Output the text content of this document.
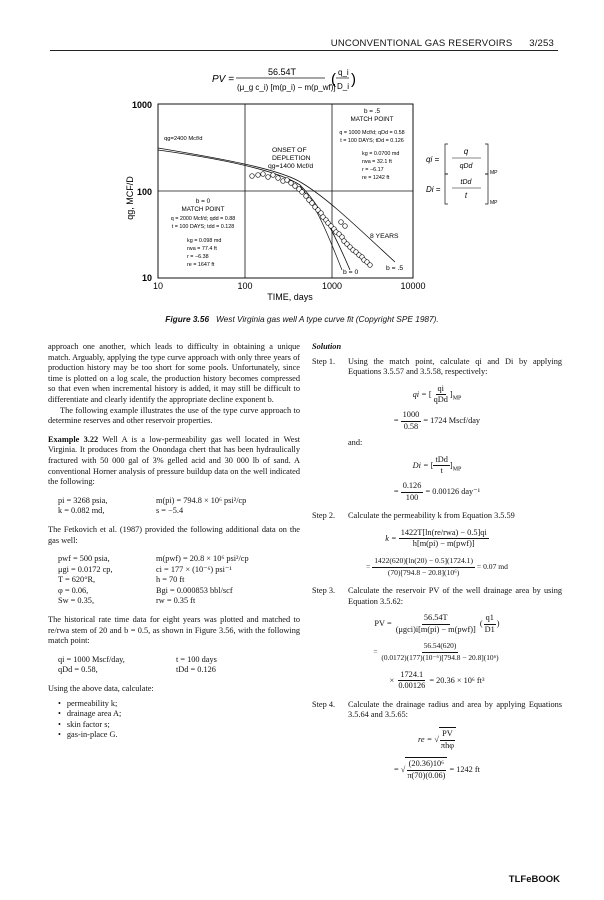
UNCONVENTIONAL GAS RESERVOIRS 3/253
PV =
56.54T
(μ_g c_i) [m(p_i) − m(p_wf)]
( q_i
D_i )
1000
100
10
10	100	1000	10000
TIME, days
qg, MCF/D
qg=2400 Mcf/d
ONSET OF
DEPLETION
qg=1400 Mcf/d
b = .5
MATCH POINT
q = 1000 Mcf/d; qDd = 0.58
t = 100 DAYS; tDd = 0.126
kg = 0.0700 md
rwa = 32.1 ft
r = −6.17
re = 1242 ft
b = 0
MATCH POINT
q = 2000 Mcf/d; qdd = 0.88
t = 100 DAYS; tdd = 0.128
kg = 0.098 md
rwa = 77.4 ft
r = −6.38
re = 1647 ft
8 YEARS
b = 0
b = .5
qi =
q
qDd
MP
Di =
tDd
t
MP
Figure 3.56 West Virginia gas well A type curve fit (Copyright SPE 1987).

approach one another, which leads to difficulty in obtaining a unique match. Arguably, applying the type curve approach with only three years of production history may be too short for some pools. Unfortunately, since time is plotted on a log scale, the production history becomes compressed so that even when incremental history is added, it may still be difficult to differentiate and clearly identify the appropriate decline exponent b.

The following example illustrates the use of the type curve approach to determine reserves and other reservoir properties.

Example 3.22 Well A is a low-permeability gas well located in West Virginia. It produces from the Onondaga chert that has been hydraulically fractured with 50 000 gal of 3% gelled acid and 30 000 lb of sand. A conventional Horner analysis of pressure buildup data on the well indicated the following:

pi = 3268 psia,	m(pi) = 794.8 × 10⁶ psi²/cp
k = 0.082 md,	s = −5.4

The Fetkovich et al. (1987) provided the following additional data on the gas well:

pwf = 500 psia,	m(pwf) = 20.8 × 10⁶ psi²/cp
μgi = 0.0172 cp,	ci = 177 × (10⁻⁶) psi⁻¹
T = 620°R,	h = 70 ft
φ = 0.06,	Bgi = 0.000853 bbl/scf
Sw = 0.35,	rw = 0.35 ft

The historical rate time data for eight years was plotted and matched to re/rwa stem of 20 and b = 0.5, as shown in Figure 3.56, with the following match point:

qi = 1000 Mscf/day,	t = 100 days
qDd = 0.58,	tDd = 0.126

Using the above data, calculate:

• permeability k;
• drainage area A;
• skin factor s;
• gas-in-place G.

Solution

Step 1.	Using the match point, calculate qi and Di by applying Equations 3.5.57 and 3.5.58, respectively:
qi = [ $\frac{qi}{\text{qDd}} ]_{MP}$
= $\frac{1000}{0.58} = 1724$ Mscf/day

and:

Di = [ $\frac{\text{tDd}}{t} ]_{MP}$
= $\frac{0.126}{100} = 0.00126$ day⁻¹
Step 2.	Calculate the permeability k from Equation 3.5.59
$k = \frac{\text{1422T[ln(re/rwa) − 0.5]qi}}{\text{h[m(pi) − m(pwf)]}}$
= $\frac{1422(620)[\ln(20) - 0.5](1724.1)}{\text{(70)[794.8 − 20.8](10⁶)}} = 0.07$ md
Step 3.	Calculate the reservoir PV of the well drainage area by using Equation 3.5.62:
PV = $\frac{56.54T}{\text{(μgci)i[m(pi) − m(pwf)]}}$ ( $\frac{q1}{D1}$ )
= $\frac{56.54(620)}{\text{(0.0172)(177)(10⁻⁶)[794.8 − 20.8](10⁶)}}$
× $\frac{1724.1}{0.00126} = 20.36 \times 10^6$ ft³
Step 4.	Calculate the drainage radius and area by applying Equations 3.5.64 and 3.5.65:
re = √ $\frac{PV}{\text{πhφ}}$
= √ $\frac{\text{(20.36)10⁶}}{\pi(70)(0.06)} = 1242$ ft
TLFeBOOK
